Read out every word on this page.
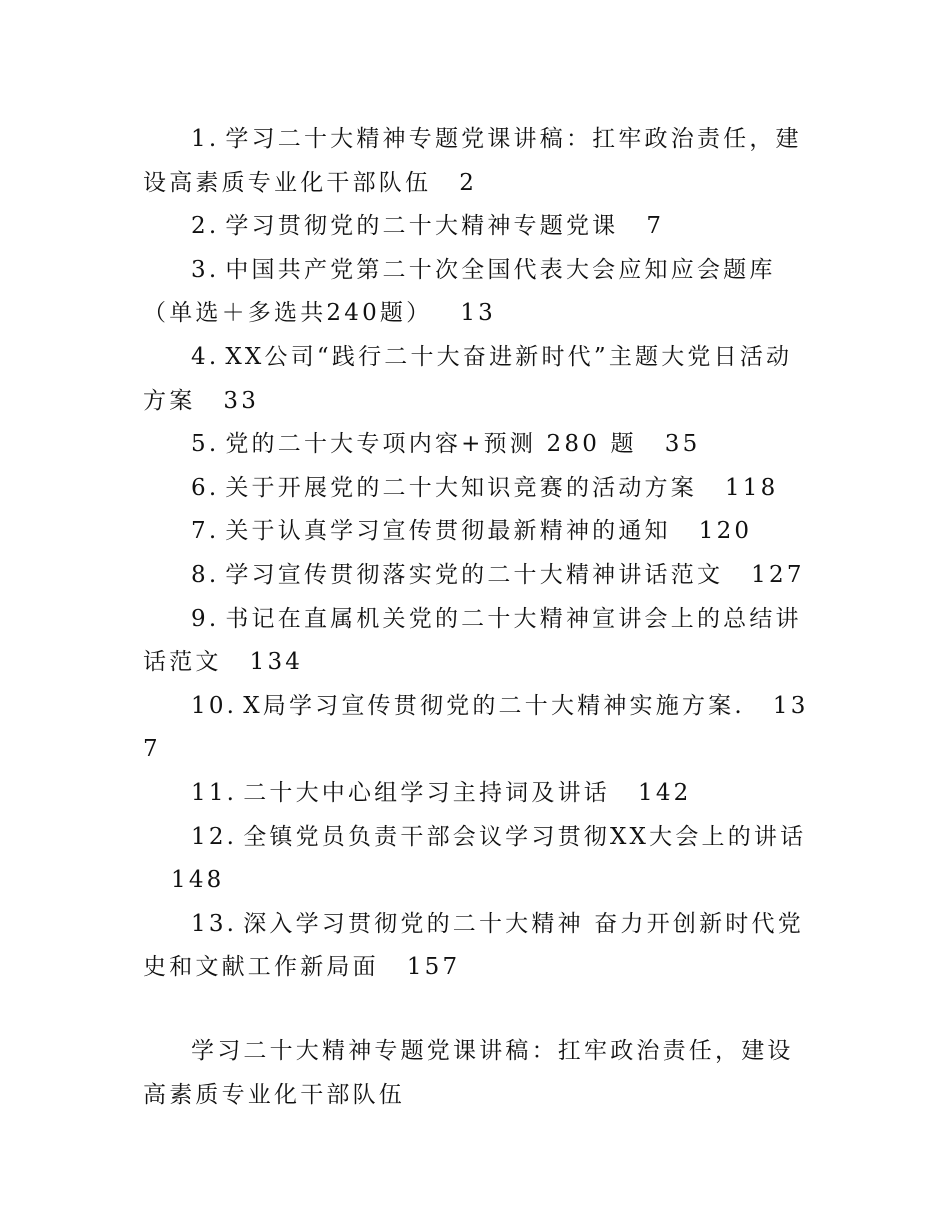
1. 学习二十大精神专题党课讲稿：扛牢政治责任，建设高素质专业化干部队伍 2
2. 学习贯彻党的二十大精神专题党课 7
3. 中国共产党第二十次全国代表大会应知应会题库（单选＋多选共240题） 13
4. XX公司“践行二十大奋进新时代”主题大党日活动方案 33
5. 党的二十大专项内容+预测 280 题 35
6. 关于开展党的二十大知识竞赛的活动方案 118
7. 关于认真学习宣传贯彻最新精神的通知 120
8. 学习宣传贯彻落实党的二十大精神讲话范文 127
9. 书记在直属机关党的二十大精神宣讲会上的总结讲话范文 134
10. X局学习宣传贯彻党的二十大精神实施方案. 137
11. 二十大中心组学习主持词及讲话 142
12. 全镇党员负责干部会议学习贯彻XX大会上的讲话148
13. 深入学习贯彻党的二十大精神 奋力开创新时代党史和文献工作新局面 157
学习二十大精神专题党课讲稿：扛牢政治责任，建设高素质专业化干部队伍
